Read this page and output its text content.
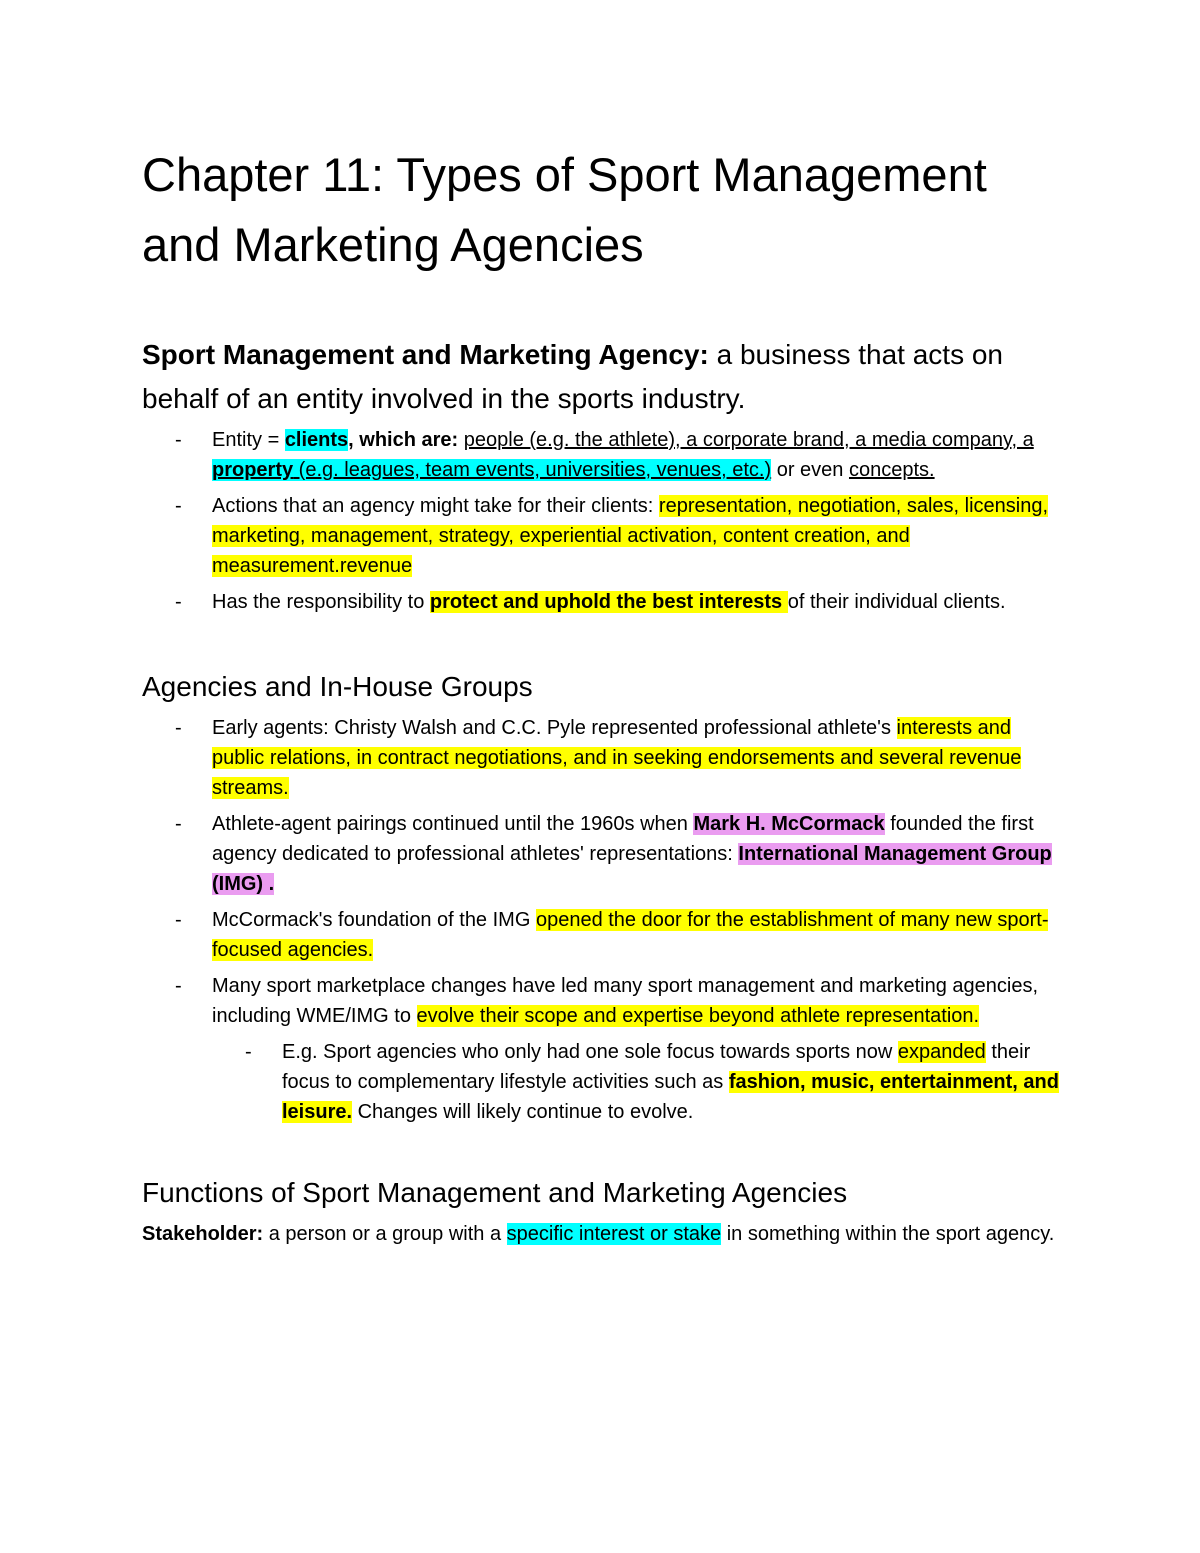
Chapter 11: Types of Sport Management and Marketing Agencies

Sport Management and Marketing Agency: a business that acts on behalf of an entity involved in the sports industry.

- Entity = clients, which are: people (e.g. the athlete), a corporate brand, a media company, a property (e.g. leagues, team events, universities, venues, etc.) or even concepts.
- Actions that an agency might take for their clients: representation, negotiation, sales, licensing, marketing, management, strategy, experiential activation, content creation, and measurement.revenue
- Has the responsibility to protect and uphold the best interests of their individual clients.
Agencies and In-House Groups
- Early agents: Christy Walsh and C.C. Pyle represented professional athlete's interests and public relations, in contract negotiations, and in seeking endorsements and several revenue streams.
- Athlete-agent pairings continued until the 1960s when Mark H. McCormack founded the first agency dedicated to professional athletes' representations: International Management Group (IMG) .
- McCormack's foundation of the IMG opened the door for the establishment of many new sport-focused agencies.
- Many sport marketplace changes have led many sport management and marketing agencies, including WME/IMG to evolve their scope and expertise beyond athlete representation.
- E.g. Sport agencies who only had one sole focus towards sports now expanded their focus to complementary lifestyle activities such as fashion, music, entertainment, and leisure. Changes will likely continue to evolve.
Functions of Sport Management and Marketing Agencies

Stakeholder: a person or a group with a specific interest or stake in something within the sport agency.
